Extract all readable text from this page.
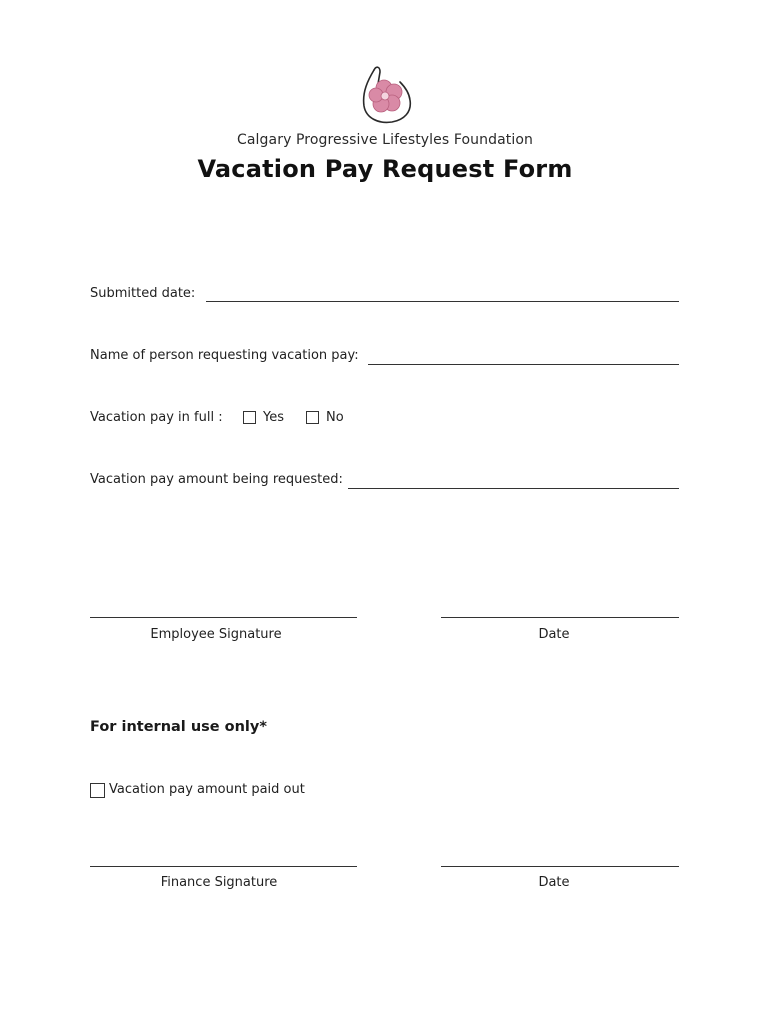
Calgary Progressive Lifestyles Foundation
Vacation Pay Request Form
Submitted date:
Name of person requesting vacation pay:
Vacation pay in full :	Yes	No
Vacation pay amount being requested:
Employee Signature	Date
For internal use only*
Vacation pay amount paid out
Finance Signature	Date
